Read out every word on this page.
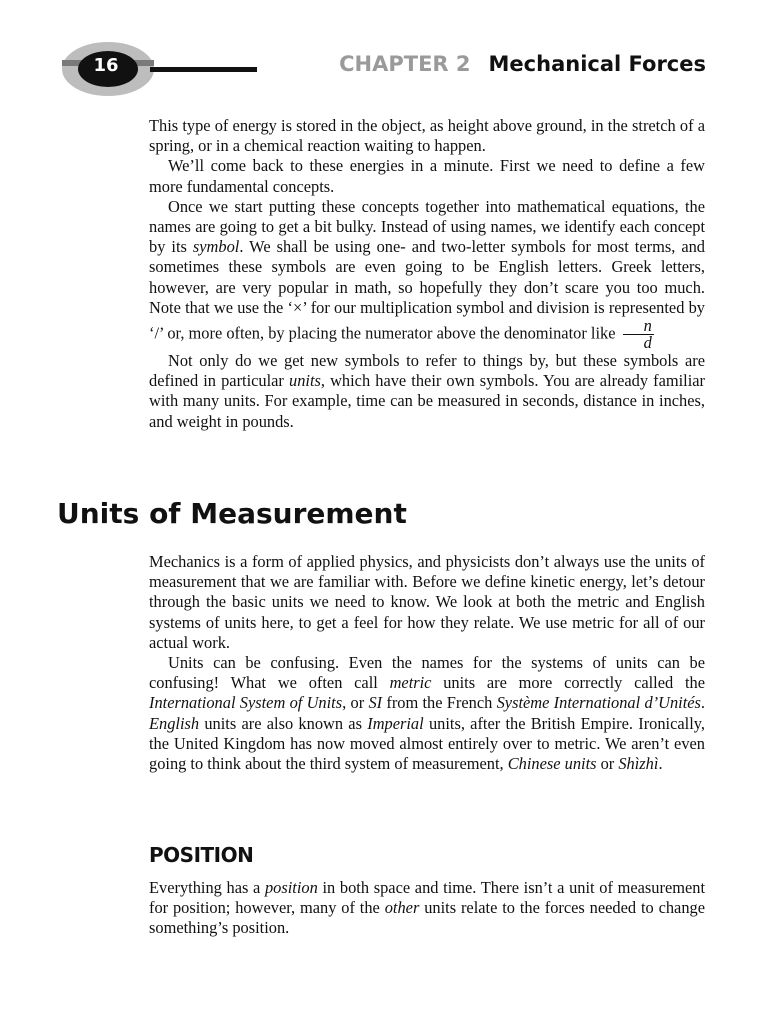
16	CHAPTER 2 Mechanical Forces

This type of energy is stored in the object, as height above ground, in the stretch of a spring, or in a chemical reaction waiting to happen.

We’ll come back to these energies in a minute. First we need to define a few more fundamental concepts.

Once we start putting these concepts together into mathematical equations, the names are going to get a bit bulky. Instead of using names, we identify each concept by its symbol. We shall be using one- and two-letter symbols for most terms, and sometimes these symbols are even going to be English letters. Greek letters, however, are very popular in math, so hopefully they don’t scare you too much. Note that we use the ‘×’ for our multiplication symbol and division is represented by ‘/’ or, more often, by placing the numerator above the denominator like $\frac{n}{d}$

Not only do we get new symbols to refer to things by, but these symbols are defined in particular units, which have their own symbols. You are already familiar with many units. For example, time can be measured in seconds, distance in inches, and weight in pounds.

Units of Measurement

Mechanics is a form of applied physics, and physicists don’t always use the units of measurement that we are familiar with. Before we define kinetic energy, let’s detour through the basic units we need to know. We look at both the metric and English systems of units here, to get a feel for how they relate. We use metric for all of our actual work.

Units can be confusing. Even the names for the systems of units can be confusing! What we often call metric units are more correctly called the International System of Units, or SI from the French Système International d’Unités. English units are also known as Imperial units, after the British Empire. Ironically, the United Kingdom has now moved almost entirely over to metric. We aren’t even going to think about the third system of measurement, Chinese units or Shìzhì.

POSITION

Everything has a position in both space and time. There isn’t a unit of measurement for position; however, many of the other units relate to the forces needed to change something’s position.
